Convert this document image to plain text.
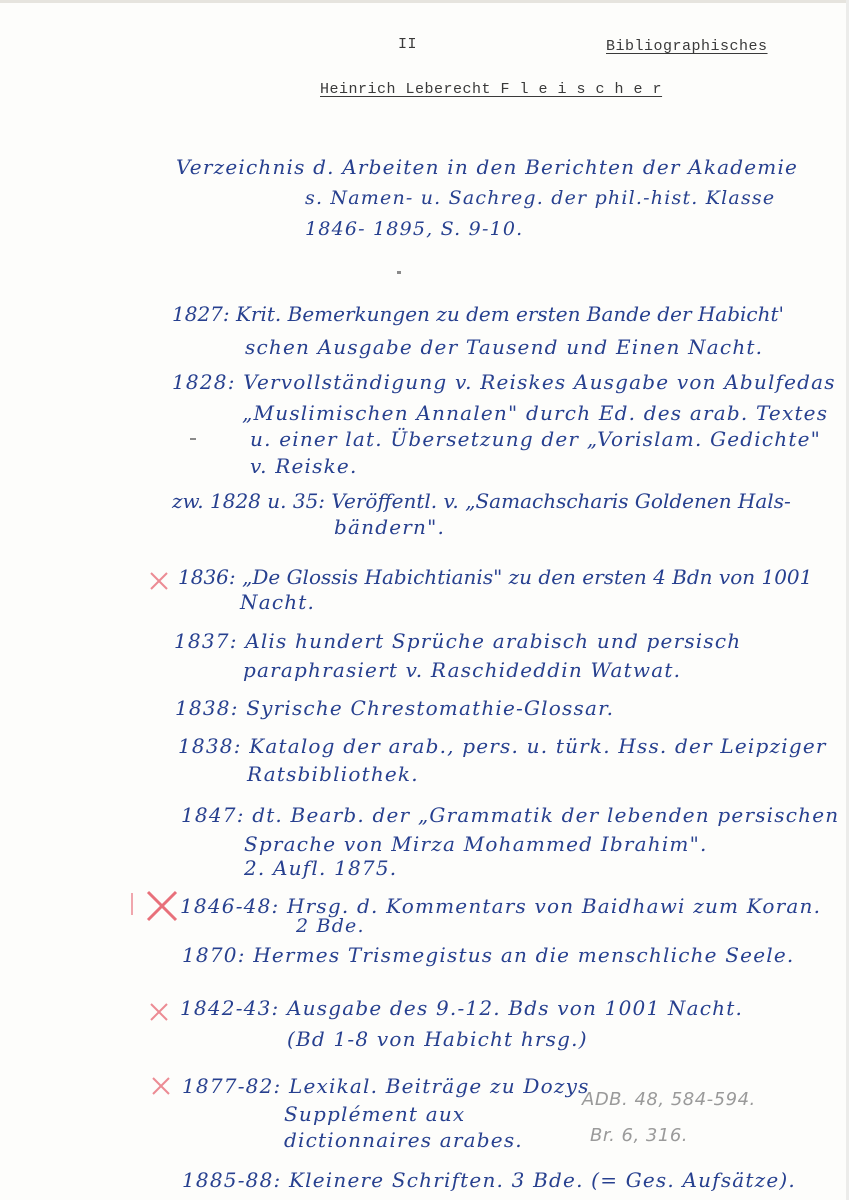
II	Bibliographisches
Heinrich Leberecht F l e i s c h e r
Verzeichnis d. Arbeiten in den Berichten der Akademie
s. Namen- u. Sachreg. der phil.-hist. Klasse
1846- 1895, S. 9-10.
1827: Krit. Bemerkungen zu dem ersten Bande der Habicht'
schen Ausgabe der Tausend und Einen Nacht.
1828: Vervollständigung v. Reiskes Ausgabe von Abulfedas
„Muslimischen Annalen" durch Ed. des arab. Textes
u. einer lat. Übersetzung der „Vorislam. Gedichte"
v. Reiske.
zw. 1828 u. 35: Veröffentl. v. „Samachscharis Goldenen Hals-
bändern".
1836: „De Glossis Habichtianis" zu den ersten 4 Bdn von 1001
Nacht.
1837: Alis hundert Sprüche arabisch und persisch
paraphrasiert v. Raschideddin Watwat.
1838: Syrische Chrestomathie-Glossar.
1838: Katalog der arab., pers. u. türk. Hss. der Leipziger
Ratsbibliothek.
1847: dt. Bearb. der „Grammatik der lebenden persischen
Sprache von Mirza Mohammed Ibrahim".
2. Aufl. 1875.
1846-48: Hrsg. d. Kommentars von Baidhawi zum Koran.
2 Bde.
1870: Hermes Trismegistus an die menschliche Seele.
1842-43: Ausgabe des 9.-12. Bds von 1001 Nacht.
(Bd 1-8 von Habicht hrsg.)
1877-82: Lexikal. Beiträge zu Dozys
Supplément aux
dictionnaires arabes.
ADB. 48, 584-594.
Br. 6, 316.
1885-88: Kleinere Schriften. 3 Bde. (= Ges. Aufsätze).
